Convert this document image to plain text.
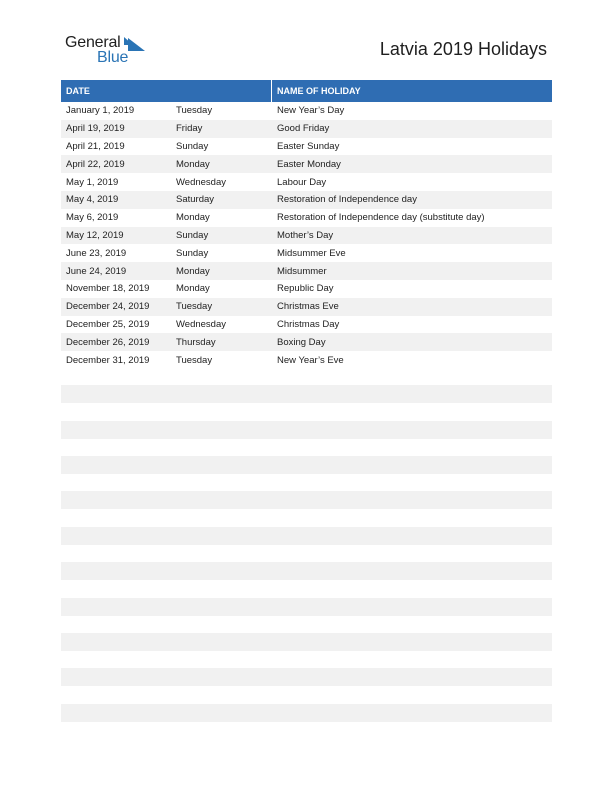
General
Blue	Latvia 2019 Holidays
DATE	NAME OF HOLIDAY
January 1, 2019	Tuesday	New Year’s Day
April 19, 2019	Friday	Good Friday
April 21, 2019	Sunday	Easter Sunday
April 22, 2019	Monday	Easter Monday
May 1, 2019	Wednesday	Labour Day
May 4, 2019	Saturday	Restoration of Independence day
May 6, 2019	Monday	Restoration of Independence day (substitute day)
May 12, 2019	Sunday	Mother’s Day
June 23, 2019	Sunday	Midsummer Eve
June 24, 2019	Monday	Midsummer
November 18, 2019	Monday	Republic Day
December 24, 2019	Tuesday	Christmas Eve
December 25, 2019	Wednesday	Christmas Day
December 26, 2019	Thursday	Boxing Day
December 31, 2019	Tuesday	New Year’s Eve
